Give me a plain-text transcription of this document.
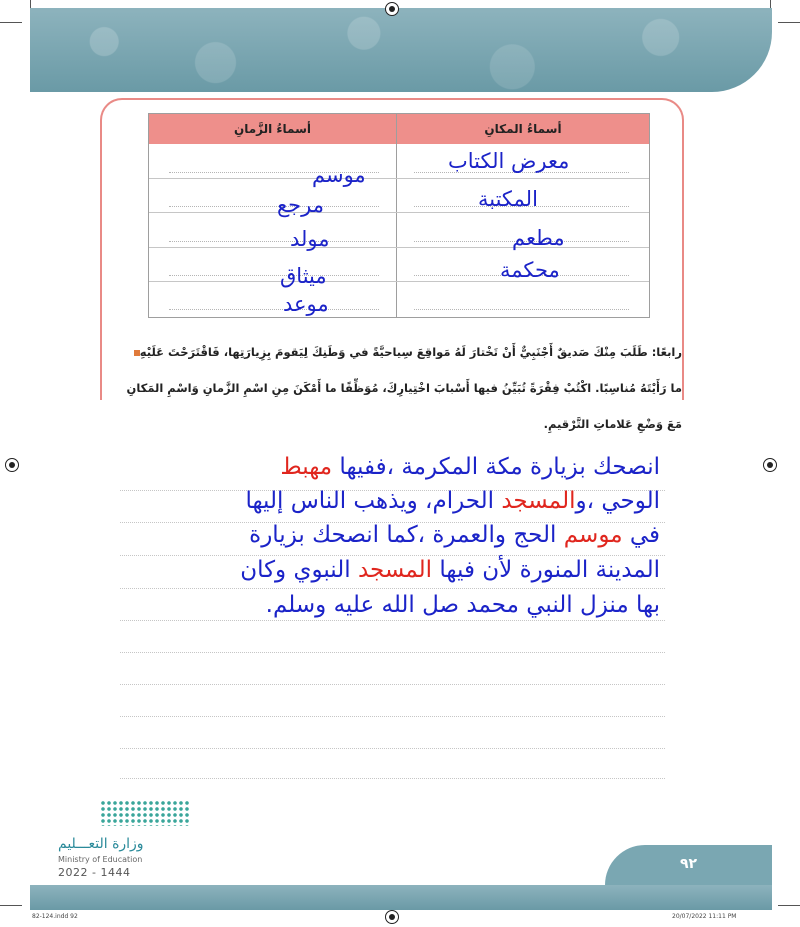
أسماءُ المكانِ
أسماءُ الزَّمانِ
معرض الكتاب
المكتبة
مطعم
محكمة
موسم
مرجع
مولد
ميثاق
موعد
رابعًا: طَلَبَ مِنْكَ صَديقٌ أَجْنَبِيٌّ أَنْ تَخْتارَ لَهُ مَواقِعَ سِياحيَّةً في وَطَنِكَ لِيَقومَ بِزِيارَتِها، فَاقْتَرَحْتَ عَلَيْهِ
ما رَأَيْتَهُ مُناسِبًا. اكْتُبْ فِقْرَةً تُبَيِّنُ فيها أَسْبابَ اخْتِيارِكَ، مُوَظِّفًا ما أَمْكَنَ مِنِ اسْمِ الزَّمانِ وَاسْمِ المَكانِ
مَعَ وَضْعِ عَلاماتِ التَّرْقيمِ.
انصحك بزيارة مكة المكرمة ،ففيها مهبط
الوحي ،والمسجد الحرام، ويذهب الناس إليها
في موسم الحج والعمرة ،كما انصحك بزيارة
المدينة المنورة لأن فيها المسجد النبوي وكان
بها منزل النبي محمد صل الله عليه وسلم.
وزارة التعـــليم
Ministry of Education
2022 - 1444
٩٢
82-124.indd 92	20/07/2022 11:11 PM
